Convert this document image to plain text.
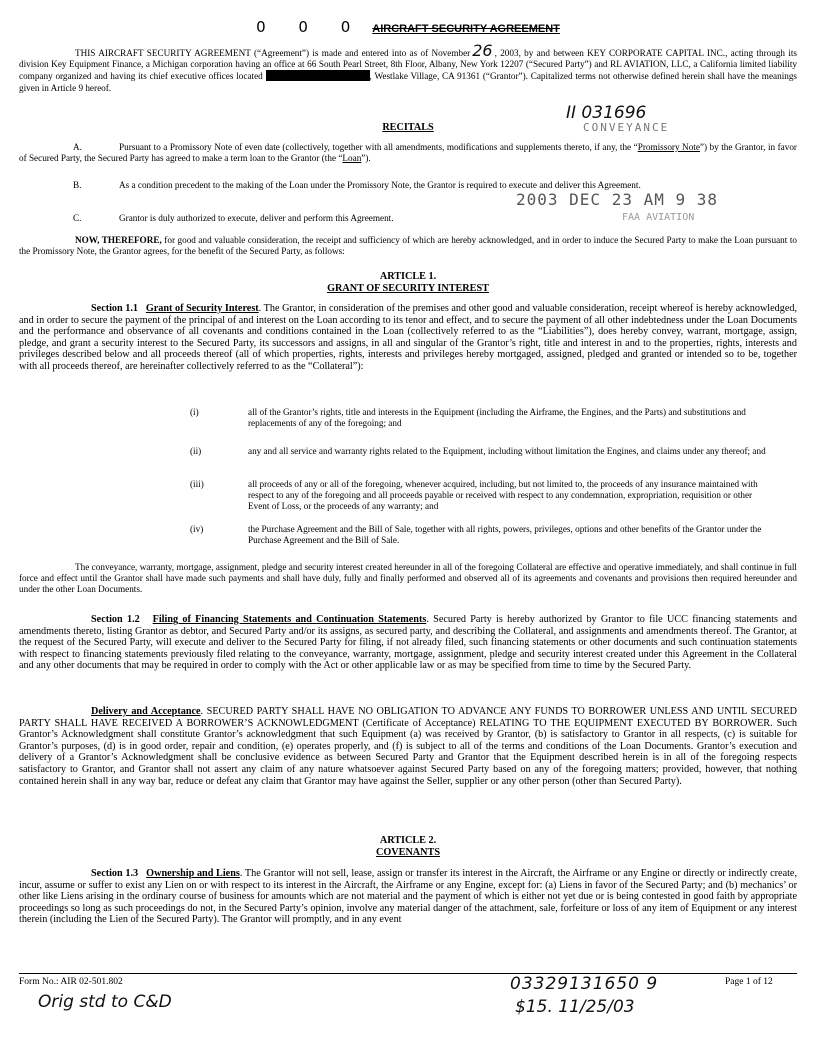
0 0 0 AIRCRAFT SECURITY AGREEMENT
THIS AIRCRAFT SECURITY AGREEMENT (“Agreement”) is made and entered into as of November 26 , 2003, by and between KEY CORPORATE CAPITAL INC., acting through its division Key Equipment Finance, a Michigan corporation having an office at 66 South Pearl Street, 8th Floor, Albany, New York 12207 (“Secured Party”) and RL AVIATION, LLC, a California limited liability company organized and having its chief executive offices located	, Westlake Village, CA 91361 (“Grantor”). Capitalized terms not otherwise defined herein shall have the meanings given in Article 9 hereof.
II 031696
CONVEYANCE
RECITALS
A.	Pursuant to a Promissory Note of even date (collectively, together with all amendments, modifications and supplements thereto, if any, the “Promissory Note”) by the Grantor, in favor of Secured Party, the Secured Party has agreed to make a term loan to the Grantor (the “Loan”).
B.	As a condition precedent to the making of the Loan under the Promissory Note, the Grantor is required to execute and deliver this Agreement.
2003 DEC 23 AM 9 38
C.	Grantor is duly authorized to execute, deliver and perform this Agreement.	FAA AVIATION
NOW, THEREFORE, for good and valuable consideration, the receipt and sufficiency of which are hereby acknowledged, and in order to induce the Secured Party to make the Loan pursuant to the Promissory Note, the Grantor agrees, for the benefit of the Secured Party, as follows:
ARTICLE 1.
GRANT OF SECURITY INTEREST
Section 1.1 Grant of Security Interest. The Grantor, in consideration of the premises and other good and valuable consideration, receipt whereof is hereby acknowledged, and in order to secure the payment of the principal of and interest on the Loan according to its tenor and effect, and to secure the payment of all other indebtedness under the Loan Documents and the performance and observance of all covenants and conditions contained in the Loan (collectively referred to as the “Liabilities”), does hereby convey, warrant, mortgage, assign, pledge, and grant a security interest to the Secured Party, its successors and assigns, in all and singular of the Grantor’s right, title and interest in and to the properties, rights, interests and privileges described below and all proceeds thereof (all of which properties, rights, interests and privileges hereby mortgaged, assigned, pledged and granted or intended so to be, together with all proceeds thereof, are hereinafter collectively referred to as the “Collateral”):
(i)	all of the Grantor’s rights, title and interests in the Equipment (including the Airframe, the Engines, and the Parts) and substitutions and replacements of any of the foregoing; and
(ii)	any and all service and warranty rights related to the Equipment, including without limitation the Engines, and claims under any thereof; and
(iii)	all proceeds of any or all of the foregoing, whenever acquired, including, but not limited to, the proceeds of any insurance maintained with respect to any of the foregoing and all proceeds payable or received with respect to any condemnation, expropriation, requisition or other Event of Loss, or the proceeds of any warranty; and
(iv)	the Purchase Agreement and the Bill of Sale, together with all rights, powers, privileges, options and other benefits of the Grantor under the Purchase Agreement and the Bill of Sale.
The conveyance, warranty, mortgage, assignment, pledge and security interest created hereunder in all of the foregoing Collateral are effective and operative immediately, and shall continue in full force and effect until the Grantor shall have made such payments and shall have duly, fully and finally performed and observed all of its agreements and covenants and provisions then required hereunder and under the other Loan Documents.
Section 1.2 Filing of Financing Statements and Continuation Statements. Secured Party is hereby authorized by Grantor to file UCC financing statements and amendments thereto, listing Grantor as debtor, and Secured Party and/or its assigns, as secured party, and describing the Collateral, and assignments and amendments thereof. The Grantor, at the request of the Secured Party, will execute and deliver to the Secured Party for filing, if not already filed, such financing statements or other documents and such continuation statements with respect to financing statements previously filed relating to the conveyance, warranty, mortgage, assignment, pledge and security interest created under this Agreement in the Collateral and any other documents that may be required in order to comply with the Act or other applicable law or as may be specified from time to time by the Secured Party.
Delivery and Acceptance. SECURED PARTY SHALL HAVE NO OBLIGATION TO ADVANCE ANY FUNDS TO BORROWER UNLESS AND UNTIL SECURED PARTY SHALL HAVE RECEIVED A BORROWER’S ACKNOWLEDGMENT (Certificate of Acceptance) RELATING TO THE EQUIPMENT EXECUTED BY BORROWER. Such Grantor’s Acknowledgment shall constitute Grantor’s acknowledgment that such Equipment (a) was received by Grantor, (b) is satisfactory to Grantor in all respects, (c) is suitable for Grantor’s purposes, (d) is in good order, repair and condition, (e) operates properly, and (f) is subject to all of the terms and conditions of the Loan Documents. Grantor’s execution and delivery of a Grantor’s Acknowledgment shall be conclusive evidence as between Secured Party and Grantor that the Equipment described herein is in all of the foregoing respects satisfactory to Grantor, and Grantor shall not assert any claim of any nature whatsoever against Secured Party based on any of the foregoing matters; provided, however, that nothing contained herein shall in any way bar, reduce or defeat any claim that Grantor may have against the Seller, supplier or any other person (other than Secured Party).
ARTICLE 2.
COVENANTS
Section 1.3 Ownership and Liens. The Grantor will not sell, lease, assign or transfer its interest in the Aircraft, the Airframe or any Engine or directly or indirectly create, incur, assume or suffer to exist any Lien on or with respect to its interest in the Aircraft, the Airframe or any Engine, except for: (a) Liens in favor of the Secured Party; and (b) mechanics’ or other like Liens arising in the ordinary course of business for amounts which are not material and the payment of which is either not yet due or is being contested in good faith by appropriate proceedings so long as such proceedings do not, in the Secured Party’s opinion, involve any material danger of the attachment, sale, forfeiture or loss of any item of Equipment or any interest therein (including the Lien of the Secured Party). The Grantor will promptly, and in any event
Form No.: AIR 02-501.802	Page 1 of 12
Orig std to C&D
03329131650 9
$15. 11/25/03
